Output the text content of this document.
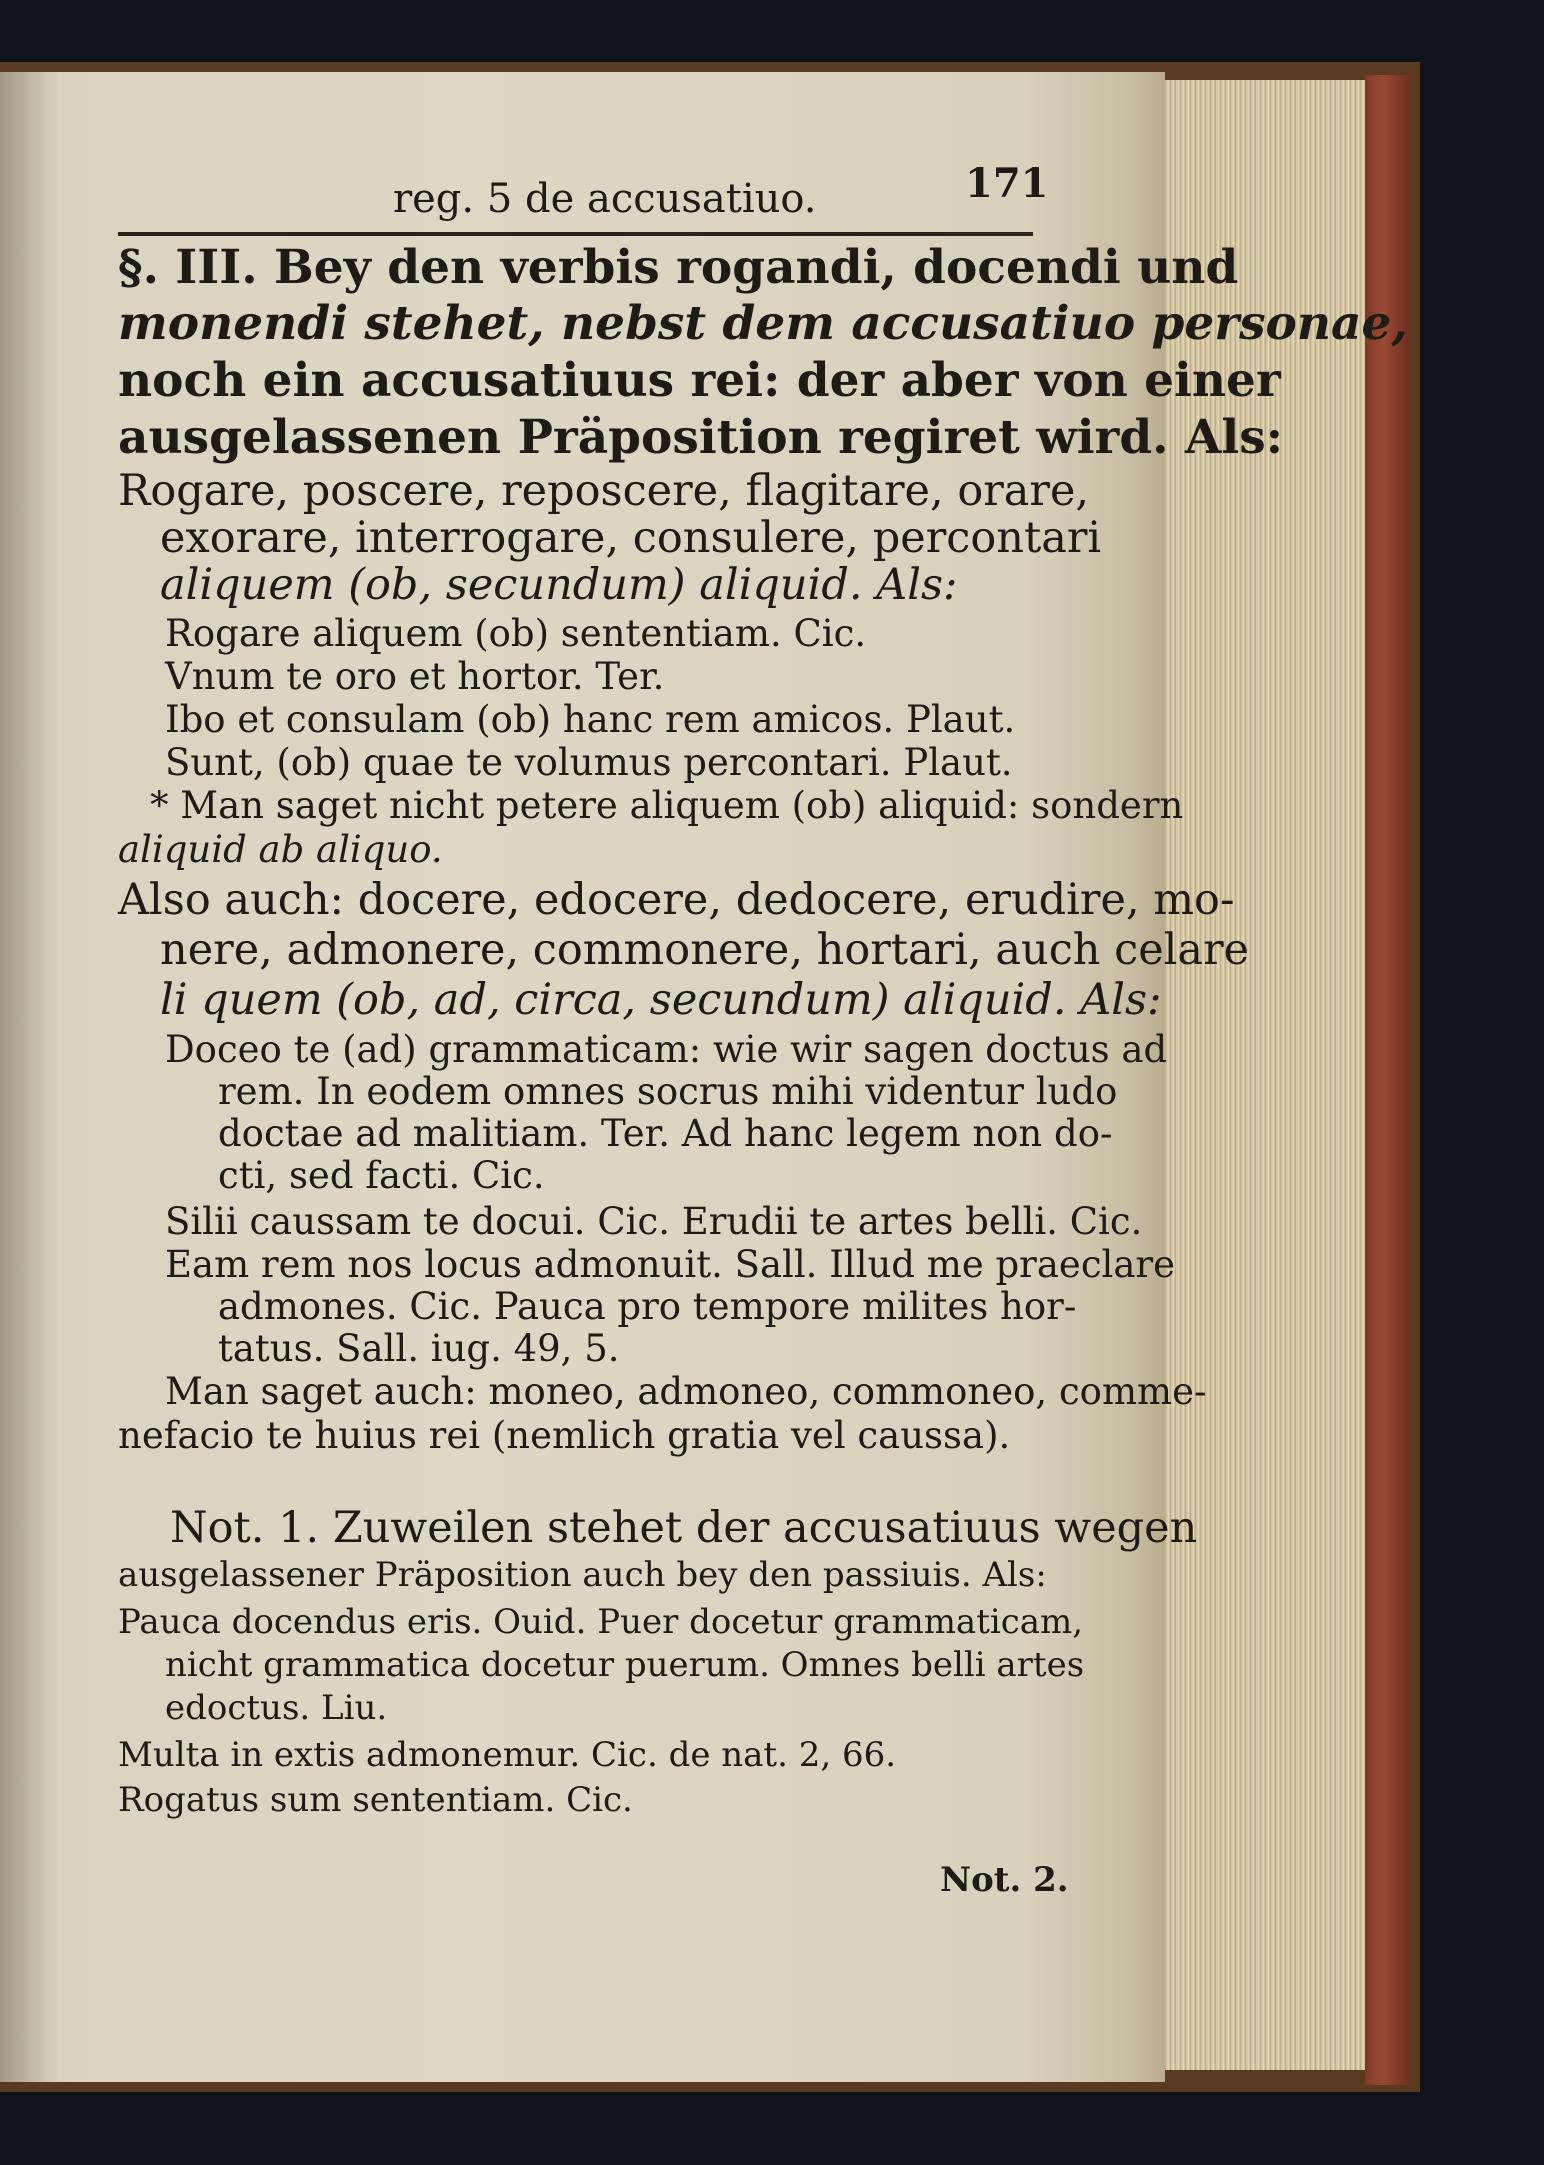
reg. 5 de accusatiuo.	171
§. III. Bey den verbis rogandi, docendi und
monendi stehet, nebst dem accusatiuo personae,
noch ein accusatiuus rei: der aber von einer
ausgelassenen Präposition regiret wird. Als:
Rogare, poscere, reposcere, flagitare, orare,
exorare, interrogare, consulere, percontari
aliquem (ob, secundum) aliquid. Als:
Rogare aliquem (ob) sententiam. Cic.
Vnum te oro et hortor. Ter.
Ibo et consulam (ob) hanc rem amicos. Plaut.
Sunt, (ob) quae te volumus percontari. Plaut.
* Man saget nicht petere aliquem (ob) aliquid: sondern
aliquid ab aliquo.
Also auch: docere, edocere, dedocere, erudire, mo-
nere, admonere, commonere, hortari, auch celare
li quem (ob, ad, circa, secundum) aliquid. Als:
Doceo te (ad) grammaticam: wie wir sagen doctus ad
rem. In eodem omnes socrus mihi videntur ludo
doctae ad malitiam. Ter. Ad hanc legem non do-
cti, sed facti. Cic.
Silii caussam te docui. Cic. Erudii te artes belli. Cic.
Eam rem nos locus admonuit. Sall. Illud me praeclare
admones. Cic. Pauca pro tempore milites hor-
tatus. Sall. iug. 49, 5.
Man saget auch: moneo, admoneo, commoneo, comme-
nefacio te huius rei (nemlich gratia vel caussa).
Not. 1. Zuweilen stehet der accusatiuus wegen
ausgelassener Präposition auch bey den passiuis. Als:
Pauca docendus eris. Ouid. Puer docetur grammaticam,
nicht grammatica docetur puerum. Omnes belli artes
edoctus. Liu.
Multa in extis admonemur. Cic. de nat. 2, 66.
Rogatus sum sententiam. Cic.
Not. 2.
